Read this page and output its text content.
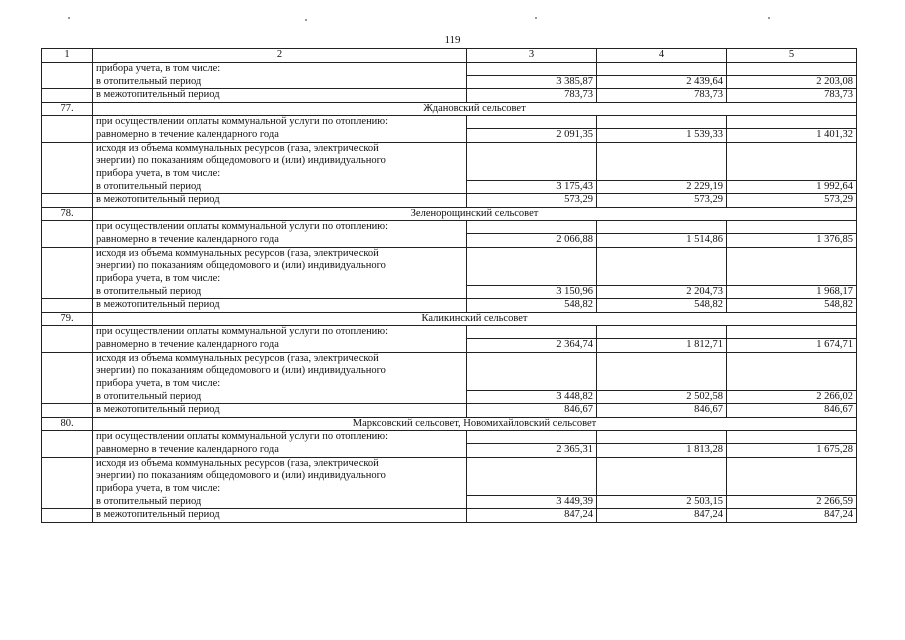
119
1	2	3	4	5
	прибора учета, в том числе:			
	в отопительный период	3 385,87	2 439,64	2 203,08
	в межотопительный период	783,73	783,73	783,73
77.	Ждановский сельсовет			
	при осуществлении оплаты коммунальной услуги по отоплению:			
	равномерно в течение календарного года	2 091,35	1 539,33	1 401,32
	исходя из объема коммунальных ресурсов (газа, электрической			
	энергии) по показаниям общедомового и (или) индивидуального			
	прибора учета, в том числе:			
	в отопительный период	3 175,43	2 229,19	1 992,64
	в межотопительный период	573,29	573,29	573,29
78.	Зеленорощинский сельсовет			
	при осуществлении оплаты коммунальной услуги по отоплению:			
	равномерно в течение календарного года	2 066,88	1 514,86	1 376,85
	исходя из объема коммунальных ресурсов (газа, электрической			
	энергии) по показаниям общедомового и (или) индивидуального			
	прибора учета, в том числе:			
	в отопительный период	3 150,96	2 204,73	1 968,17
	в межотопительный период	548,82	548,82	548,82
79.	Каликинский сельсовет			
	при осуществлении оплаты коммунальной услуги по отоплению:			
	равномерно в течение календарного года	2 364,74	1 812,71	1 674,71
	исходя из объема коммунальных ресурсов (газа, электрической			
	энергии) по показаниям общедомового и (или) индивидуального			
	прибора учета, в том числе:			
	в отопительный период	3 448,82	2 502,58	2 266,02
	в межотопительный период	846,67	846,67	846,67
80.	Марксовский сельсовет, Новомихайловский сельсовет			
	при осуществлении оплаты коммунальной услуги по отоплению:			
	равномерно в течение календарного года	2 365,31	1 813,28	1 675,28
	исходя из объема коммунальных ресурсов (газа, электрической			
	энергии) по показаниям общедомового и (или) индивидуального			
	прибора учета, в том числе:			
	в отопительный период	3 449,39	2 503,15	2 266,59
	в межотопительный период	847,24	847,24	847,24
